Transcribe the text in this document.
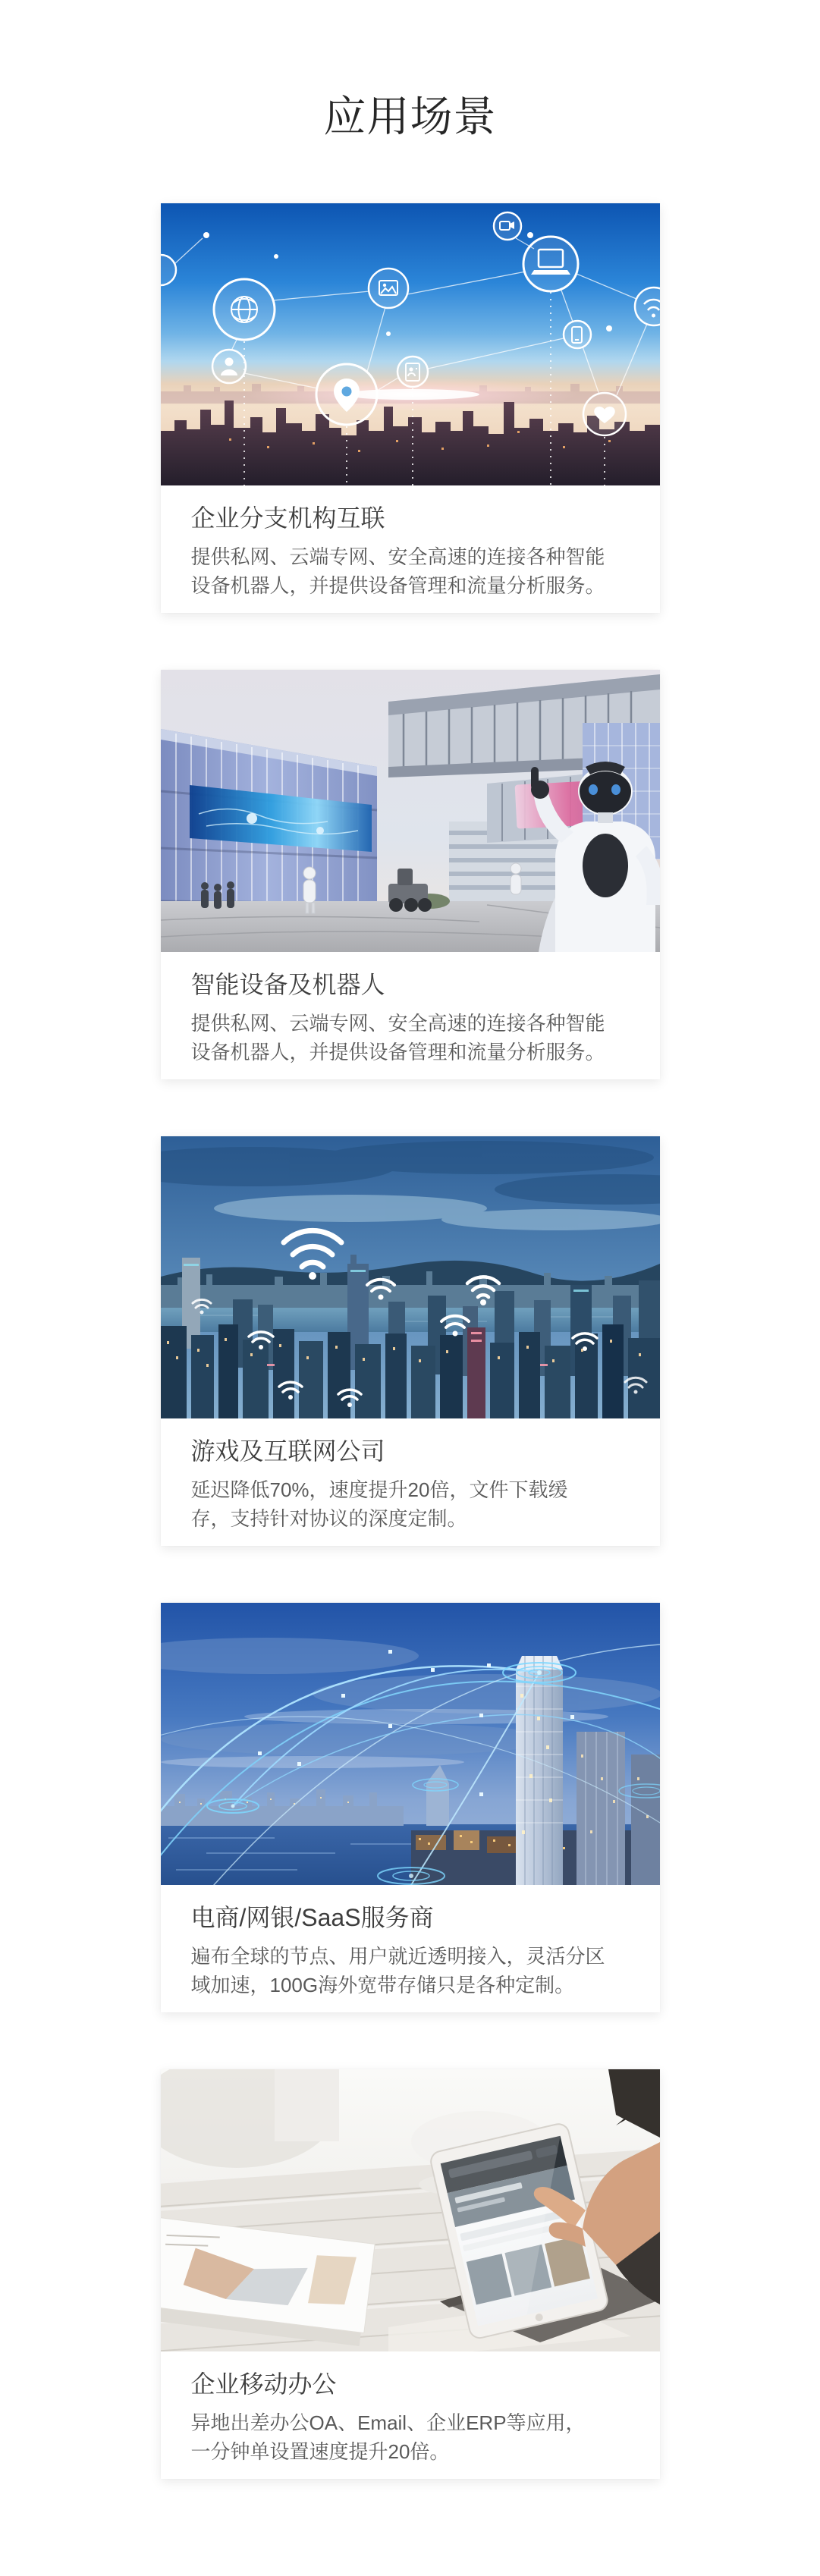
应用场景
企业分支机构互联

提供私网、云端专网、安全高速的连接各种智能设备机器人，并提供设备管理和流量分析服务。

智能设备及机器人

提供私网、云端专网、安全高速的连接各种智能设备机器人，并提供设备管理和流量分析服务。

游戏及互联网公司

延迟降低70%，速度提升20倍，文件下载缓存，支持针对协议的深度定制。

电商/网银/SaaS服务商

遍布全球的节点、用户就近透明接入，灵活分区域加速，100G海外宽带存储只是各种定制。

企业移动办公

异地出差办公OA、Email、企业ERP等应用，一分钟单设置速度提升20倍。
